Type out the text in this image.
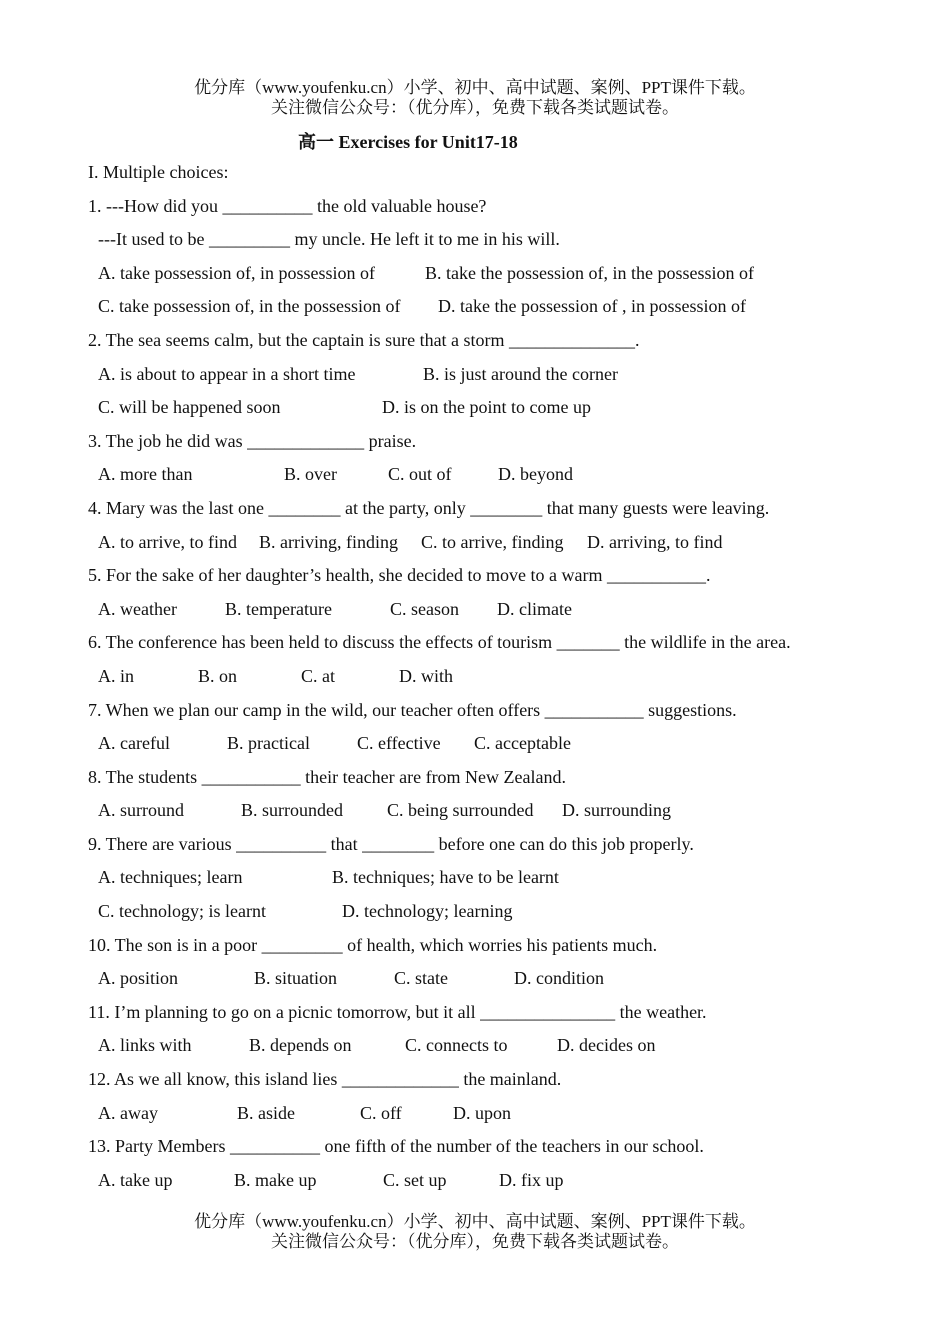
优分库（www.youfenku.cn）小学、初中、高中试题、案例、PPT课件下载。
关注微信公众号：（优分库），免费下载各类试题试卷。
高一 Exercises for Unit17-18
I. Multiple choices:
1. ---How did you __________ the old valuable house?
---It used to be _________ my uncle. He left it to me in his will.
A. take possession of, in possession of	B. take the possession of, in the possession of
C. take possession of, in the possession of D. take the possession of , in possession of
2. The sea seems calm, but the captain is sure that a storm ______________.
A. is about to appear in a short time	B. is just around the corner
C. will be happened soon	D. is on the point to come up
3. The job he did was _____________ praise.
A. more than	B. over	C. out of	D. beyond
4. Mary was the last one ________ at the party, only ________ that many guests were leaving.
A. to arrive, to find B. arriving, finding C. to arrive, finding D. arriving, to find
5. For the sake of her daughter’s health, she decided to move to a warm ___________.
A. weather	B. temperature	C. season D. climate
6. The conference has been held to discuss the effects of tourism _______ the wildlife in the area.
A. in	B. on	C. at	D. with
7. When we plan our camp in the wild, our teacher often offers ___________ suggestions.
A. careful	B. practical	C. effective C. acceptable
8. The students ___________ their teacher are from New Zealand.
A. surround	B. surrounded C. being surrounded D. surrounding
9. There are various __________ that ________ before one can do this job properly.
A. techniques; learn	B. techniques; have to be learnt
C. technology; is learnt	D. technology; learning
10. The son is in a poor _________ of health, which worries his patients much.
A. position	B. situation	C. state	D. condition
11. I’m planning to go on a picnic tomorrow, but it all _______________ the weather.
A. links with	B. depends on	C. connects to	D. decides on
12. As we all know, this island lies _____________ the mainland.
A. away	B. aside	C. off	D. upon
13. Party Members __________ one fifth of the number of the teachers in our school.
A. take up	B. make up	C. set up	D. fix up
优分库（www.youfenku.cn）小学、初中、高中试题、案例、PPT课件下载。
关注微信公众号：（优分库），免费下载各类试题试卷。
